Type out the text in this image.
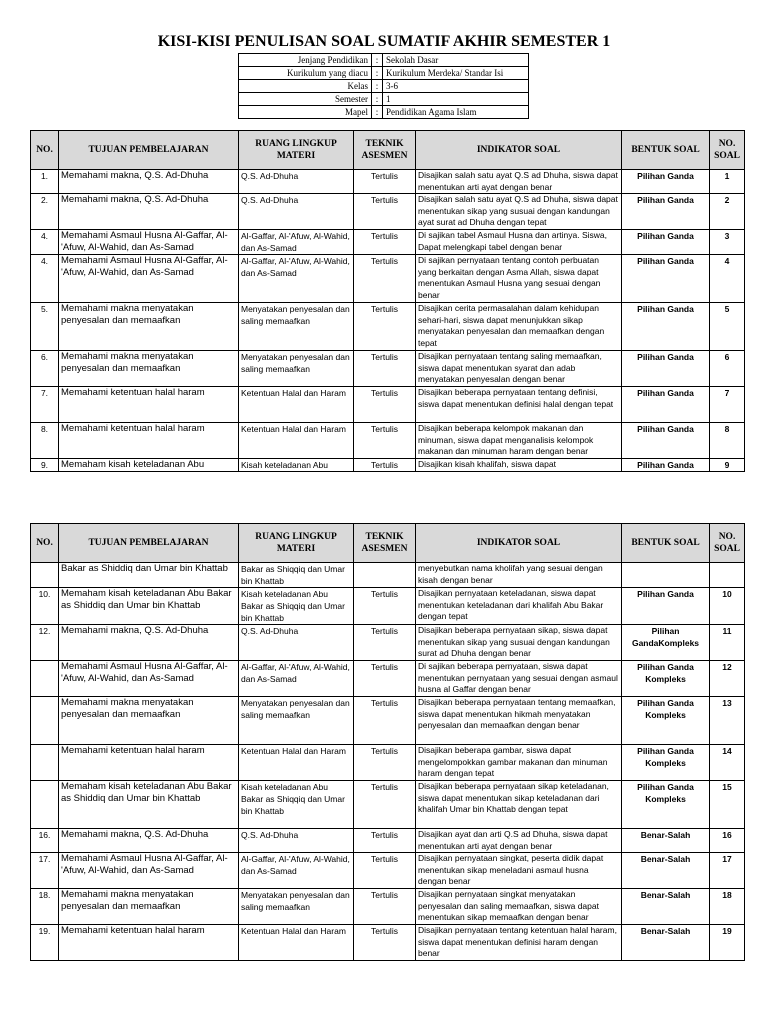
KISI-KISI PENULISAN SOAL SUMATIF AKHIR SEMESTER 1
Jenjang Pendidikan	:	Sekolah Dasar
Kurikulum yang diacu	:	Kurikulum Merdeka/ Standar Isi
Kelas	:	3-6
Semester	:	1
Mapel	:	Pendidikan Agama Islam
NO.	TUJUAN PEMBELAJARAN	RUANG LINGKUP MATERI	TEKNIK ASESMEN	INDIKATOR SOAL	BENTUK SOAL	NO. SOAL
1.	Memahami makna, Q.S. Ad-Dhuha	Q.S. Ad-Dhuha	Tertulis	Disajikan salah satu ayat Q.S ad Dhuha, siswa dapat menentukan arti ayat dengan benar	Pilihan Ganda	1
2.	Memahami makna, Q.S. Ad-Dhuha	Q.S. Ad-Dhuha	Tertulis	Disajikan salah satu ayat Q.S ad Dhuha, siswa dapat menentukan sikap yang susuai dengan kandungan ayat surat ad Dhuha dengan tepat	Pilihan Ganda	2
4.	Memahami Asmaul Husna Al-Gaffar, Al-'Afuw, Al-Wahid, dan As-Samad	Al-Gaffar, Al-'Afuw, Al-Wahid, dan As-Samad	Tertulis	Di sajikan tabel Asmaul Husna dan artinya. Siswa, Dapat melengkapi tabel dengan benar	Pilihan Ganda	3
4.	Memahami Asmaul Husna Al-Gaffar, Al-'Afuw, Al-Wahid, dan As-Samad	Al-Gaffar, Al-'Afuw, Al-Wahid, dan As-Samad	Tertulis	Di sajikan pernyataan tentang contoh perbuatan yang berkaitan dengan Asma Allah, siswa dapat menentukan Asmaul Husna yang sesuai dengan benar	Pilihan Ganda	4
5.	Memahami makna menyatakan penyesalan dan memaafkan	Menyatakan penyesalan dan saling memaafkan	Tertulis	Disajikan cerita permasalahan dalam kehidupan sehari-hari, siswa dapat menunjukkan sikap menyatakan penyesalan dan memaafkan dengan tepat	Pilihan Ganda	5
6.	Memahami makna menyatakan penyesalan dan memaafkan	Menyatakan penyesalan dan saling memaafkan	Tertulis	Disajikan pernyataan tentang saling memaafkan, siswa dapat menentukan syarat dan adab menyatakan penyesalan dengan benar	Pilihan Ganda	6
7.	Memahami ketentuan halal haram	Ketentuan Halal dan Haram	Tertulis	Disajikan beberapa pernyataan tentang definisi, siswa dapat menentukan definisi halal dengan tepat	Pilihan Ganda	7
8.	Memahami ketentuan halal haram	Ketentuan Halal dan Haram	Tertulis	Disajikan beberapa kelompok makanan dan minuman, siswa dapat menganalisis kelompok makanan dan minuman haram dengan benar	Pilihan Ganda	8
9.	Memaham kisah keteladanan Abu	Kisah keteladanan Abu	Tertulis	Disajikan kisah khalifah, siswa dapat	Pilihan Ganda	9
NO.	TUJUAN PEMBELAJARAN	RUANG LINGKUP MATERI	TEKNIK ASESMEN	INDIKATOR SOAL	BENTUK SOAL	NO. SOAL
	Bakar as Shiddiq dan Umar bin Khattab	Bakar as Shiqqiq dan Umar bin Khattab		menyebutkan nama kholifah yang sesuai dengan kisah dengan benar		
10.	Memaham kisah keteladanan Abu Bakar as Shiddiq dan Umar bin Khattab	Kisah keteladanan Abu Bakar as Shiqqiq dan Umar bin Khattab	Tertulis	Disajikan pernyataan keteladanan, siswa dapat menentukan keteladanan dari khalifah Abu Bakar dengan tepat	Pilihan Ganda	10
12.	Memahami makna, Q.S. Ad-Dhuha	Q.S. Ad-Dhuha	Tertulis	Disajikan beberapa pernyataan sikap, siswa dapat menentukan sikap yang susuai dengan kandungan surat ad Dhuha dengan benar	Pilihan GandaKompleks	11
	Memahami Asmaul Husna Al-Gaffar, Al-'Afuw, Al-Wahid, dan As-Samad	Al-Gaffar, Al-'Afuw, Al-Wahid, dan As-Samad	Tertulis	Di sajikan beberapa pernyataan, siswa dapat menentukan pernyataan yang sesuai dengan asmaul husna al Gaffar dengan benar	Pilihan Ganda Kompleks	12
	Memahami makna menyatakan penyesalan dan memaafkan	Menyatakan penyesalan dan saling memaafkan	Tertulis	Disajikan beberapa pernyataan tentang memaafkan, siswa dapat menentukan hikmah menyatakan penyesalan dan memaafkan dengan benar	Pilihan Ganda Kompleks	13
	Memahami ketentuan halal haram	Ketentuan Halal dan Haram	Tertulis	Disajikan beberapa gambar, siswa dapat mengelompokkan gambar makanan dan minuman haram dengan tepat	Pilihan Ganda Kompleks	14
	Memaham kisah keteladanan Abu Bakar as Shiddiq dan Umar bin Khattab	Kisah keteladanan Abu Bakar as Shiqqiq dan Umar bin Khattab	Tertulis	Disajikan beberapa pernyataan sikap keteladanan, siswa dapat menentukan sikap keteladanan dari khalifah Umar bin Khattab dengan tepat	Pilihan Ganda Kompleks	15
16.	Memahami makna, Q.S. Ad-Dhuha	Q.S. Ad-Dhuha	Tertulis	Disajikan ayat dan arti Q.S ad Dhuha, siswa dapat menentukan arti ayat dengan benar	Benar-Salah	16
17.	Memahami Asmaul Husna Al-Gaffar, Al-'Afuw, Al-Wahid, dan As-Samad	Al-Gaffar, Al-'Afuw, Al-Wahid, dan As-Samad	Tertulis	Disajikan pernyataan singkat, peserta didik dapat menentukan sikap meneladani asmaul husna dengan benar	Benar-Salah	17
18.	Memahami makna menyatakan penyesalan dan memaafkan	Menyatakan penyesalan dan saling memaafkan	Tertulis	Disajikan pernyataan singkat menyatakan penyesalan dan saling memaafkan, siswa dapat menentukan sikap memaafkan dengan benar	Benar-Salah	18
19.	Memahami ketentuan halal haram	Ketentuan Halal dan Haram	Tertulis	Disajikan pernyataan tentang ketentuan halal haram, siswa dapat menentukan definisi haram dengan benar	Benar-Salah	19
